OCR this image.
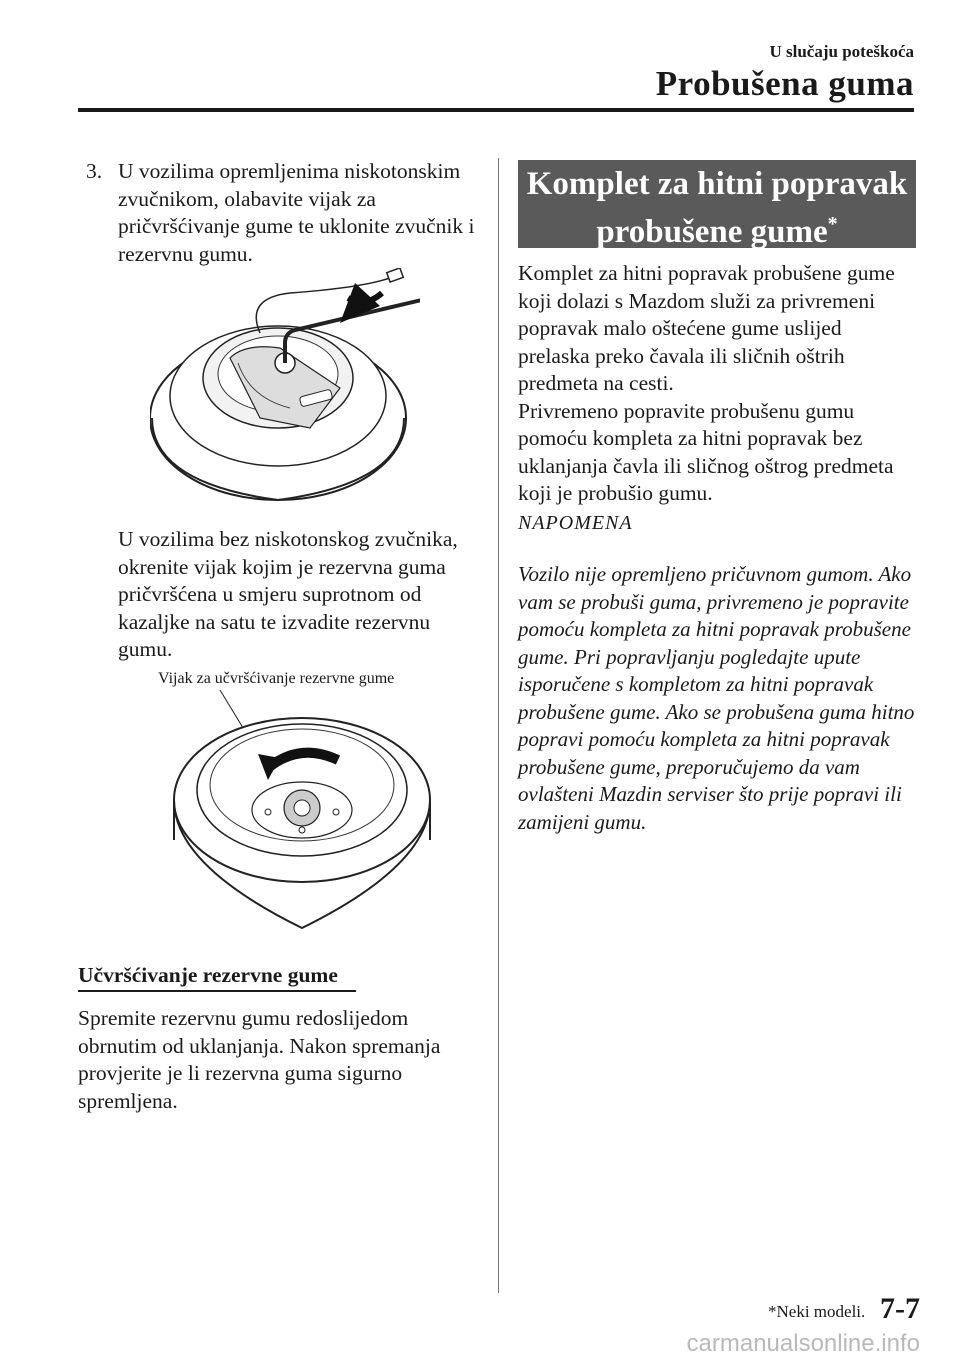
U slučaju poteškoća
Probušena guma
3. U vozilima opremljenima niskotonskim zvučnikom, olabavite vijak za pričvršćivanje gume te uklonite zvučnik i rezervnu gumu.

U vozilima bez niskotonskog zvučnika, okrenite vijak kojim je rezervna guma pričvršćena u smjeru suprotnom od kazaljke na satu te izvadite rezervnu gumu.

Vijak za učvršćivanje rezervne gume
Učvršćivanje rezervne gume

Spremite rezervnu gumu redoslijedom obrnutim od uklanjanja. Nakon spremanja provjerite je li rezervna guma sigurno spremljena.

Komplet za hitni popravak
probušene gume*

Komplet za hitni popravak probušene gume koji dolazi s Mazdom služi za privremeni popravak malo oštećene gume uslijed prelaska preko čavala ili sličnih oštrih predmeta na cesti.

Privremeno popravite probušenu gumu pomoću kompleta za hitni popravak bez uklanjanja čavla ili sličnog oštrog predmeta koji je probušio gumu.

NAPOMENA

Vozilo nije opremljeno pričuvnom gumom. Ako vam se probuši guma, privremeno je popravite pomoću kompleta za hitni popravak probušene gume. Pri popravljanju pogledajte upute isporučene s kompletom za hitni popravak probušene gume. Ako se probušena guma hitno popravi pomoću kompleta za hitni popravak probušene gume, preporučujemo da vam ovlašteni Mazdin serviser što prije popravi ili zamijeni gumu.

*Neki modeli. 7-7
carmanualsonline.info
